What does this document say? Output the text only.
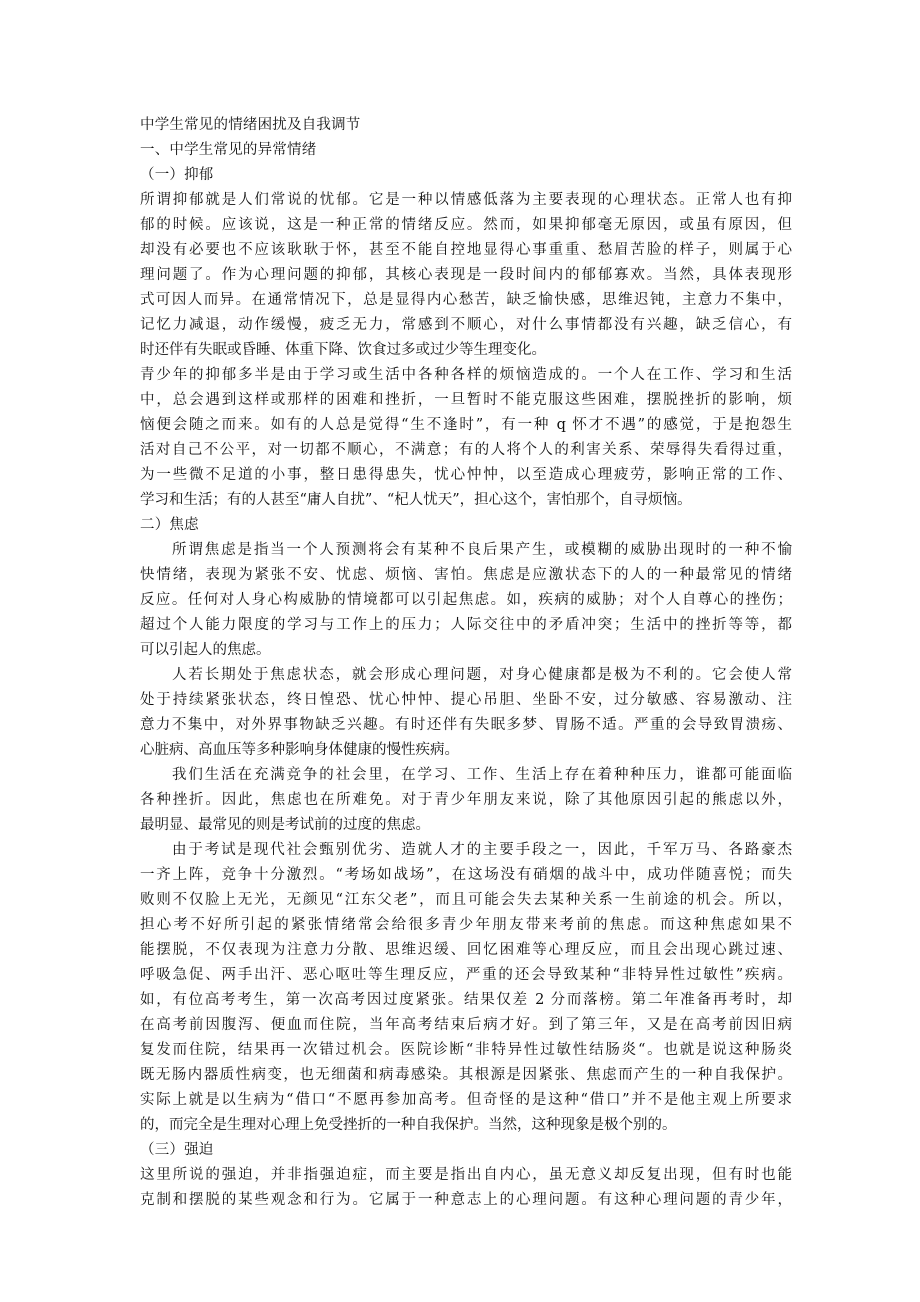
中学生常见的情绪困扰及自我调节
一、中学生常见的异常情绪
（一）抑郁
所谓抑郁就是人们常说的忧郁。它是一种以情感低落为主要表现的心理状态。正常人也有抑
郁的时候。应该说，这是一种正常的情绪反应。然而，如果抑郁毫无原因，或虽有原因，但
却没有必要也不应该耿耿于怀，甚至不能自控地显得心事重重、愁眉苦脸的样子，则属于心
理问题了。作为心理问题的抑郁，其核心表现是一段时间内的郁郁寡欢。当然，具体表现形
式可因人而异。在通常情况下，总是显得内心愁苦，缺乏愉快感，思维迟钝，主意力不集中，
记忆力减退，动作缓慢，疲乏无力，常感到不顺心，对什么事情都没有兴趣，缺乏信心，有
时还伴有失眠或昏睡、体重下降、饮食过多或过少等生理变化。
青少年的抑郁多半是由于学习或生活中各种各样的烦恼造成的。一个人在工作、学习和生活
中，总会遇到这样或那样的困难和挫折，一旦暂时不能克服这些困难，摆脱挫折的影响，烦
恼便会随之而来。如有的人总是觉得“生不逢时”，有一种 q 怀才不遇”的感觉，于是抱怨生
活对自己不公平，对一切都不顺心，不满意；有的人将个人的利害关系、荣辱得失看得过重，
为一些微不足道的小事，整日患得患失，忧心忡忡，以至造成心理疲劳，影响正常的工作、
学习和生活；有的人甚至“庸人自扰”、“杞人忧天”，担心这个，害怕那个，自寻烦恼。
二）焦虑
所谓焦虑是指当一个人预测将会有某种不良后果产生，或模糊的威胁出现时的一种不愉
快情绪，表现为紧张不安、忧虑、烦恼、害怕。焦虑是应激状态下的人的一种最常见的情绪
反应。任何对人身心构威胁的情境都可以引起焦虑。如，疾病的威胁；对个人自尊心的挫伤；
超过个人能力限度的学习与工作上的压力；人际交往中的矛盾冲突；生活中的挫折等等，都
可以引起人的焦虑。
人若长期处于焦虑状态，就会形成心理问题，对身心健康都是极为不利的。它会使人常
处于持续紧张状态，终日惶恐、忧心忡忡、提心吊胆、坐卧不安，过分敏感、容易激动、注
意力不集中，对外界事物缺乏兴趣。有时还伴有失眠多梦、胃肠不适。严重的会导致胃溃疡、
心脏病、高血压等多种影响身体健康的慢性疾病。
我们生活在充满竞争的社会里，在学习、工作、生活上存在着种种压力，谁都可能面临
各种挫折。因此，焦虑也在所难免。对于青少年朋友来说，除了其他原因引起的熊虑以外，
最明显、最常见的则是考试前的过度的焦虑。
由于考试是现代社会甄别优劣、造就人才的主要手段之一，因此，千军万马、各路豪杰
一齐上阵，竞争十分激烈。“考场如战场”，在这场没有硝烟的战斗中，成功伴随喜悦；而失
败则不仅脸上无光，无颜见“江东父老”，而且可能会失去某种关系一生前途的机会。所以，
担心考不好所引起的紧张情绪常会给很多青少年朋友带来考前的焦虑。而这种焦虑如果不
能摆脱，不仅表现为注意力分散、思维迟缓、回忆困难等心理反应，而且会出现心跳过速、
呼吸急促、两手出汗、恶心呕吐等生理反应，严重的还会导致某种“非特异性过敏性”疾病。
如，有位高考考生，第一次高考因过度紧张。结果仅差 2 分而落榜。第二年准备再考时，却
在高考前因腹泻、便血而住院，当年高考结束后病才好。到了第三年，又是在高考前因旧病
复发而住院，结果再一次错过机会。医院诊断“非特异性过敏性结肠炎“。也就是说这种肠炎
既无肠内器质性病变，也无细菌和病毒感染。其根源是因紧张、焦虑而产生的一种自我保护。
实际上就是以生病为“借口“不愿再参加高考。但奇怪的是这种“借口”并不是他主观上所要求
的，而完全是生理对心理上免受挫折的一种自我保护。当然，这种现象是极个别的。
（三）强迫
这里所说的强迫，并非指强迫症，而主要是指出自内心，虽无意义却反复出现，但有时也能
克制和摆脱的某些观念和行为。它属于一种意志上的心理问题。有这种心理问题的青少年，
